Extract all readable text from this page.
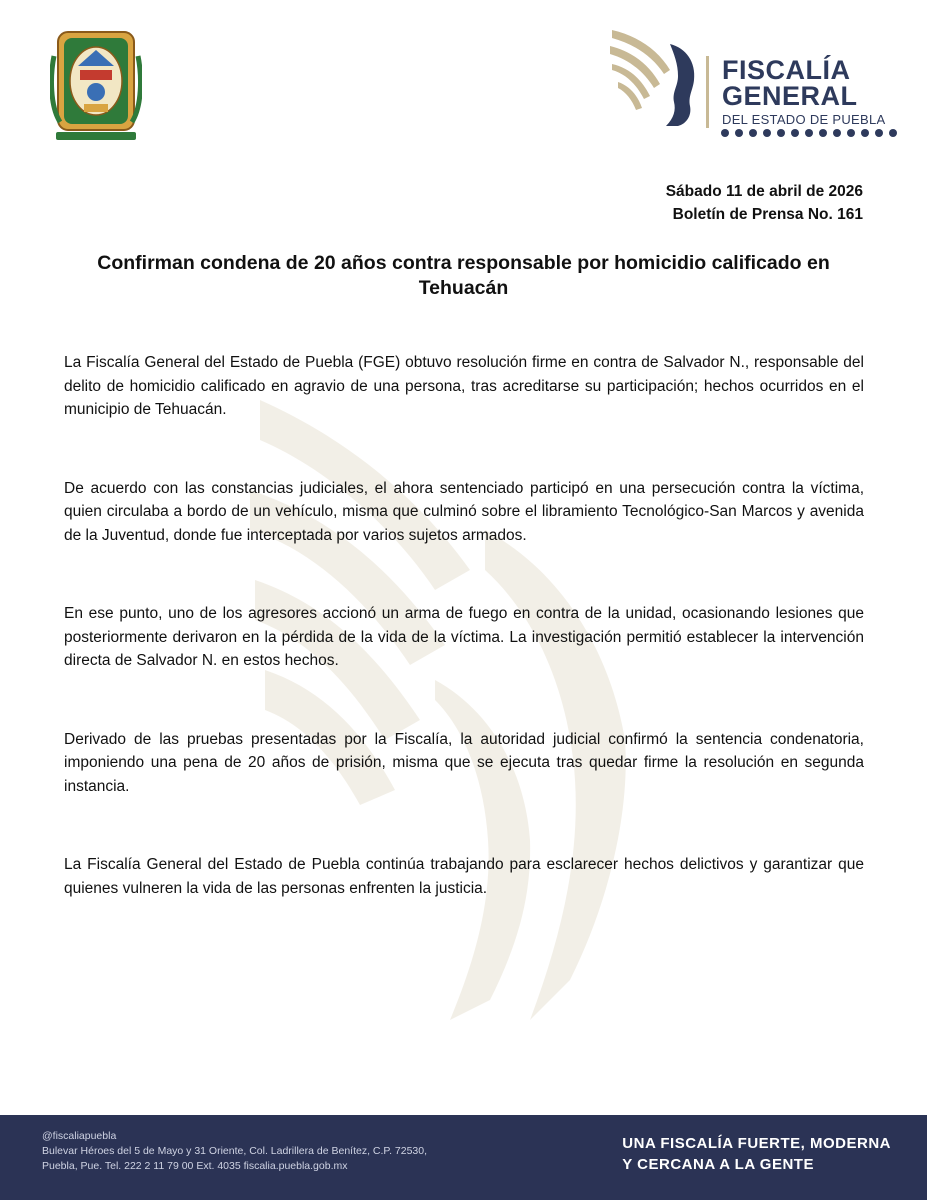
FISCALÍA
GENERAL
DEL ESTADO DE PUEBLA
Sábado 11 de abril de 2026
Boletín de Prensa No. 161
Confirman condena de 20 años contra responsable por homicidio calificado en Tehuacán

La Fiscalía General del Estado de Puebla (FGE) obtuvo resolución firme en contra de Salvador N., responsable del delito de homicidio calificado en agravio de una persona, tras acreditarse su participación; hechos ocurridos en el municipio de Tehuacán.

De acuerdo con las constancias judiciales, el ahora sentenciado participó en una persecución contra la víctima, quien circulaba a bordo de un vehículo, misma que culminó sobre el libramiento Tecnológico-San Marcos y avenida de la Juventud, donde fue interceptada por varios sujetos armados.

En ese punto, uno de los agresores accionó un arma de fuego en contra de la unidad, ocasionando lesiones que posteriormente derivaron en la pérdida de la vida de la víctima. La investigación permitió establecer la intervención directa de Salvador N. en estos hechos.

Derivado de las pruebas presentadas por la Fiscalía, la autoridad judicial confirmó la sentencia condenatoria, imponiendo una pena de 20 años de prisión, misma que se ejecuta tras quedar firme la resolución en segunda instancia.

La Fiscalía General del Estado de Puebla continúa trabajando para esclarecer hechos delictivos y garantizar que quienes vulneren la vida de las personas enfrenten la justicia.

@fiscaliapuebla
Bulevar Héroes del 5 de Mayo y 31 Oriente, Col. Ladrillera de Benítez, C.P. 72530,
Puebla, Pue. Tel. 222 2 11 79 00 Ext. 4035 fiscalia.puebla.gob.mx
UNA FISCALÍA FUERTE, MODERNA
Y CERCANA A LA GENTE
